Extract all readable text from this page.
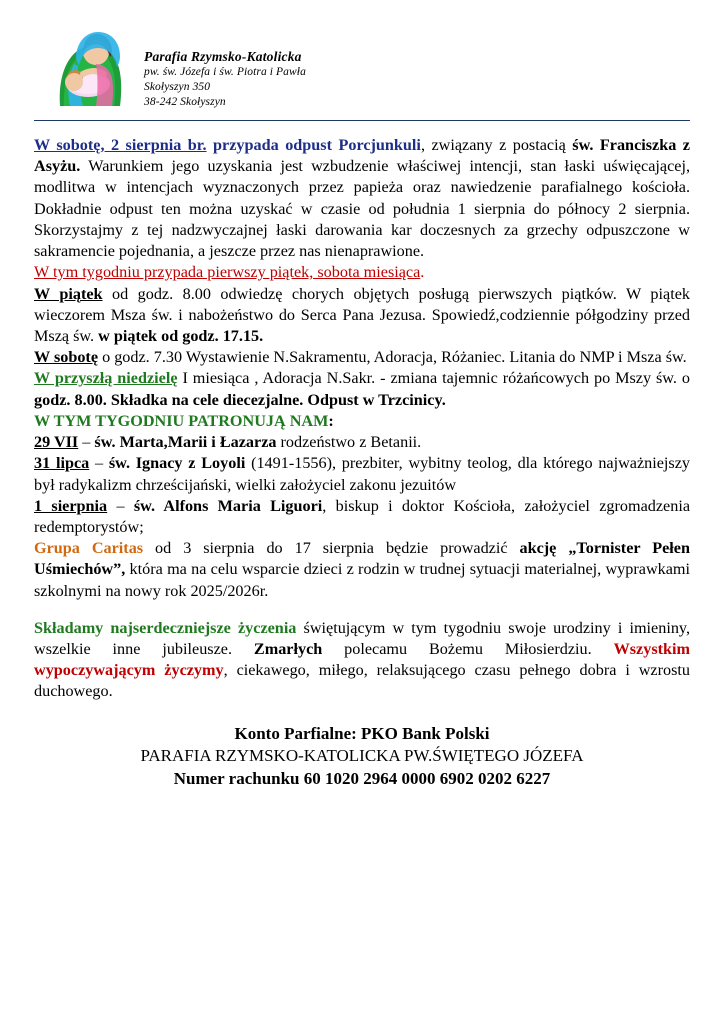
Parafia Rzymsko-Katolicka
pw. św. Józefa i św. Piotra i Pawła
Skołyszyn 350
38-242 Skołyszyn

W sobotę, 2 sierpnia br. przypada odpust Porcjunkuli, związany z postacią św. Franciszka z Asyżu. Warunkiem jego uzyskania jest wzbudzenie właściwej intencji, stan łaski uświęcającej, modlitwa w intencjach wyznaczonych przez papieża oraz nawiedzenie parafialnego kościoła. Dokładnie odpust ten można uzyskać w czasie od południa 1 sierpnia do północy 2 sierpnia. Skorzystajmy z tej nadzwyczajnej łaski darowania kar doczesnych za grzechy odpuszczone w sakramencie pojednania, a jeszcze przez nas nienaprawione.

W tym tygodniu przypada pierwszy piątek, sobota miesiąca.

W piątek od godz. 8.00 odwiedzę chorych objętych posługą pierwszych piątków. W piątek wieczorem Msza św. i nabożeństwo do Serca Pana Jezusa. Spowiedź,codziennie półgodziny przed Mszą św. w piątek od godz. 17.15.

W sobotę o godz. 7.30 Wystawienie N.Sakramentu, Adoracja, Różaniec. Litania do NMP i Msza św.

W przyszłą niedzielę I miesiąca , Adoracja N.Sakr. - zmiana tajemnic różańcowych po Mszy św. o godz. 8.00. Składka na cele diecezjalne. Odpust w Trzcinicy.

W TYM TYGODNIU PATRONUJĄ NAM:

29 VII – św. Marta,Marii i Łazarza rodzeństwo z Betanii.

31 lipca – św. Ignacy z Loyoli (1491-1556), prezbiter, wybitny teolog, dla którego najważniejszy był radykalizm chrześcijański, wielki założyciel zakonu jezuitów

1 sierpnia – św. Alfons Maria Liguori, biskup i doktor Kościoła, założyciel zgromadzenia redemptorystów;

Grupa Caritas od 3 sierpnia do 17 sierpnia będzie prowadzić akcję „Tornister Pełen Uśmiechów”, która ma na celu wsparcie dzieci z rodzin w trudnej sytuacji materialnej, wyprawkami szkolnymi na nowy rok 2025/2026r.

Składamy najserdeczniejsze życzenia świętującym w tym tygodniu swoje urodziny i imieniny, wszelkie inne jubileusze. Zmarłych polecamu Bożemu Miłosierdziu. Wszystkim wypoczywającym życzymy, ciekawego, miłego, relaksującego czasu pełnego dobra i wzrostu duchowego.

Konto Parfialne: PKO Bank Polski
PARAFIA RZYMSKO-KATOLICKA PW.ŚWIĘTEGO JÓZEFA
Numer rachunku 60 1020 2964 0000 6902 0202 6227
